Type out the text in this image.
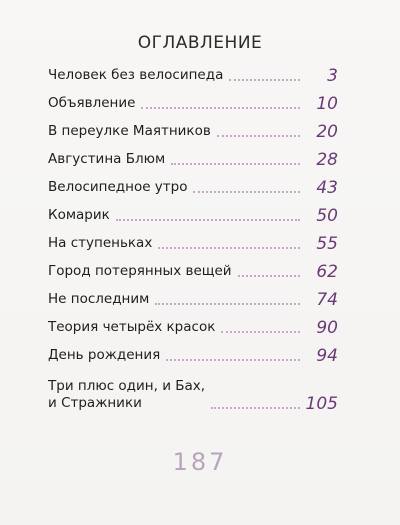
ОГЛАВЛЕНИЕ
Человек без велосипеда	3
Объявление	10
В переулке Маятников	20
Августина Блюм	28
Велосипедное утро	43
Комарик	50
На ступеньках	55
Город потерянных вещей	62
Не последним	74
Теория четырёх красок	90
День рождения	94
Три плюс один, и Бах,
и Стражники	105
187
